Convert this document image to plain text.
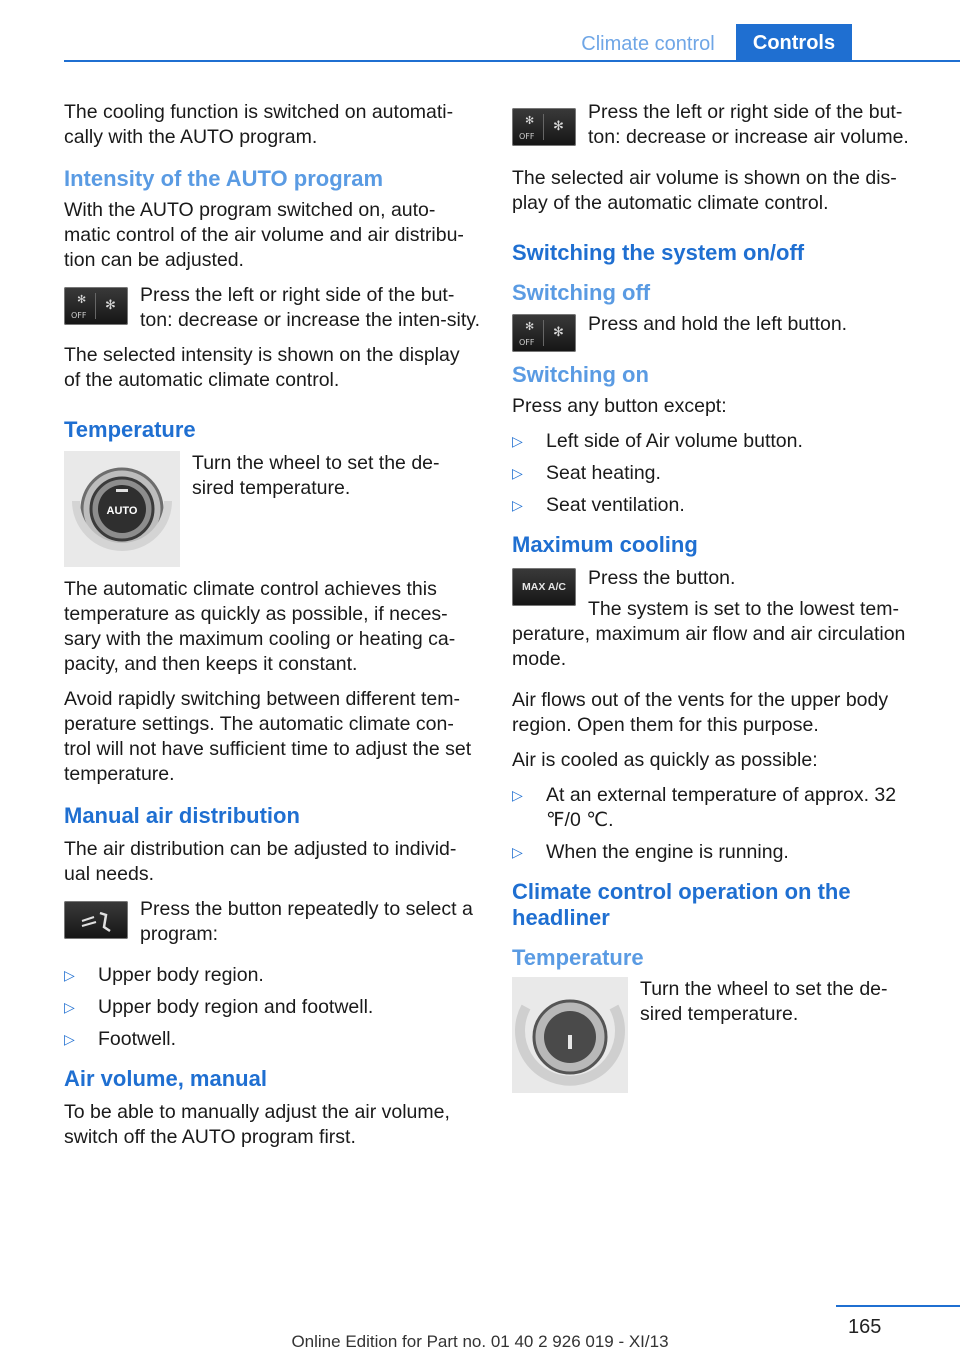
Climate control	Controls

The cooling function is switched on automati-cally with the AUTO program.

Intensity of the AUTO program

With the AUTO program switched on, auto-matic control of the air volume and air distribu-tion can be adjusted.

OFF
✻ ✻	Press the left or right side of the but-ton: decrease or increase the inten-sity.

The selected intensity is shown on the display of the automatic climate control.

Temperature
AUTO

Turn the wheel to set the de-sired temperature.

The automatic climate control achieves this temperature as quickly as possible, if neces-sary with the maximum cooling or heating ca-pacity, and then keeps it constant.

Avoid rapidly switching between different tem-perature settings. The automatic climate con-trol will not have sufficient time to adjust the set temperature.

Manual air distribution

The air distribution can be adjusted to individ-ual needs.

Press the button repeatedly to select a program:

▷ Upper body region.
▷ Upper body region and footwell.
▷ Footwell.
Air volume, manual

To be able to manually adjust the air volume, switch off the AUTO program first.

OFF
✻ ✻

Press the left or right side of the but-ton: decrease or increase air volume.

The selected air volume is shown on the dis-play of the automatic climate control.

Switching the system on/off
Switching off
OFF
✻ ✻	Press and hold the left button.

Switching on

Press any button except:

▷ Left side of Air volume button.
▷ Seat heating.
▷ Seat ventilation.
Maximum cooling
MAX A/C	Press the button.

The system is set to the lowest tem-perature, maximum air flow and air circulation mode.

Air flows out of the vents for the upper body region. Open them for this purpose.

Air is cooled as quickly as possible:

▷ At an external temperature of approx. 32 ℉/0 ℃.
▷ When the engine is running.
Climate control operation on the headliner
Temperature

Turn the wheel to set the de-sired temperature.

165
Online Edition for Part no. 01 40 2 926 019 - XI/13
